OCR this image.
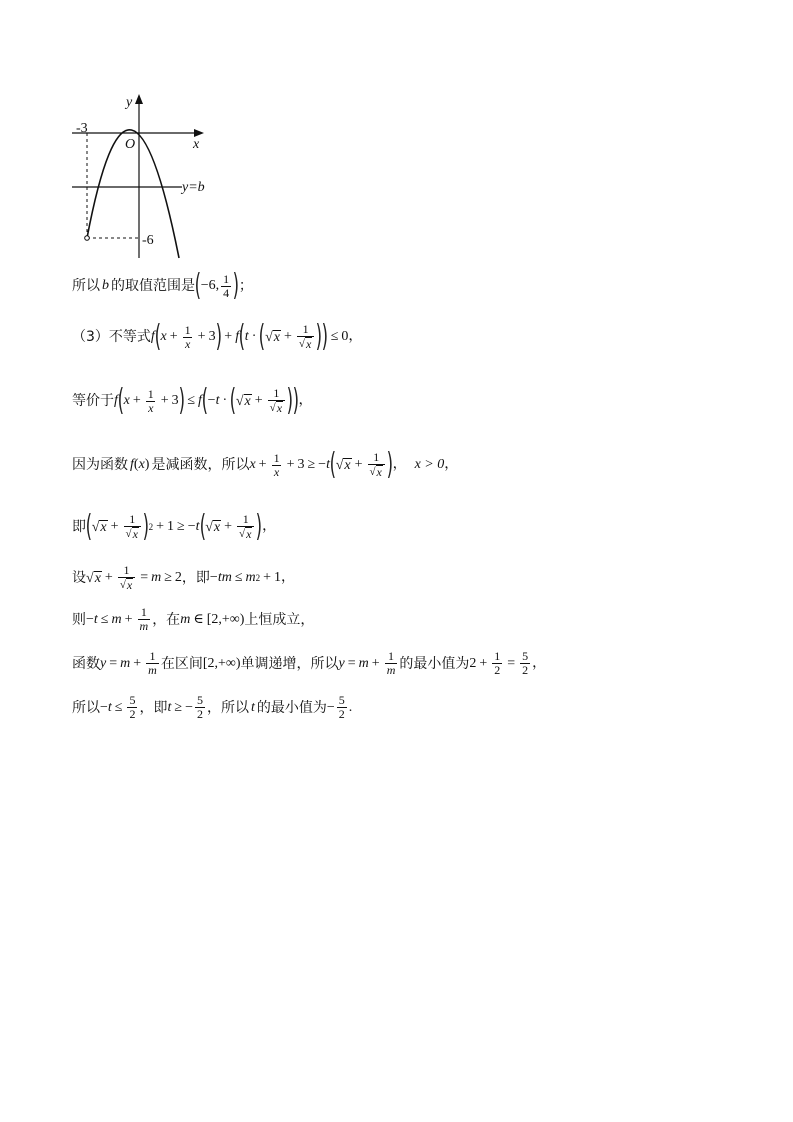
y
x
O
-3
-6
y=b
所以 b 的取值范围是 ( −6, $\frac{1}{4}$ ) ；
（3）不等式 f ( $x + \frac{1}{x} + 3$ ) + f ( t · ( √ $x + \frac{1}{√ x}$ ) ) ≤ 0，
等价于 f ( $x + \frac{1}{x} + 3$ ) ≤ f ( − t · ( √ $x + \frac{1}{√ x}$ ) ) ，
因为函数 f ( x ) 是减函数，所以 $x + \frac{1}{x} + 3$ ≥ − t ( √ $x + \frac{1}{√ x}$ ) ， x > 0 ，
即 ( √ $x + \frac{1}{√ x}$ ) 2 + 1 ≥ − t ( √ $x + \frac{1}{√ x}$ ) ，
设 √ $x + \frac{1}{√ x} = m \ge 2$ ，即 − tm ≤ m 2 + 1，
则 − $t \le m + \frac{1}{m}$ ，在 m ∈ [2,+∞) 上恒成立，
函数 $y = m + \frac{1}{m}$ 在区间 [2,+∞) 单调递增，所以 $y = m + \frac{1}{m}$ 的最小值为 $2 + \frac{1}{2} = \frac{5}{2}$ ，
所以 − $t \le \frac{5}{2}$ ，即 t ≥ − $\frac{5}{2}$ ，所以 t 的最小值为 − $\frac{5}{2}$ .
